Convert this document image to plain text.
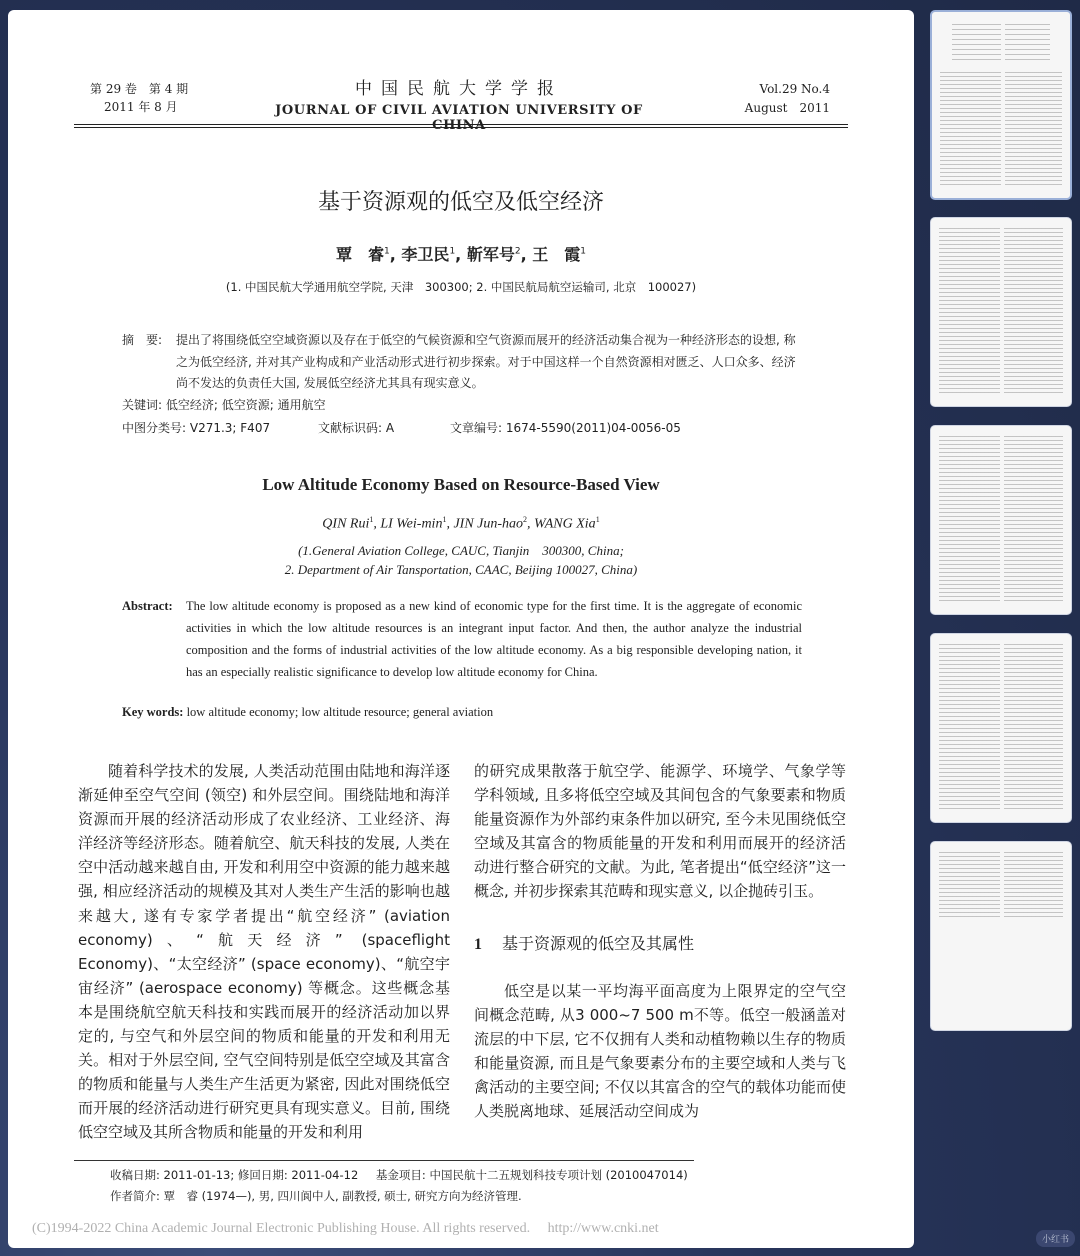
第 29 卷　第 4 期
2011 年 8 月
中国民航大学学报
JOURNAL OF CIVIL AVIATION UNIVERSITY OF CHINA
Vol.29 No.4
August　2011
基于资源观的低空及低空经济
覃　睿$^1$, 李卫民$^1$, 靳军号$^2$, 王　霞$^1$
(1. 中国民航大学通用航空学院, 天津　300300; 2. 中国民航局航空运输司, 北京　100027)
摘　要: 提出了将围绕低空空域资源以及存在于低空的气候资源和空气资源而展开的经济活动集合视为一种经济形态的设想, 称之为低空经济, 并对其产业构成和产业活动形式进行初步探索。对于中国这样一个自然资源相对匮乏、人口众多、经济尚不发达的负责任大国, 发展低空经济尤其具有现实意义。
关键词: 低空经济; 低空资源; 通用航空
中图分类号: V271.3; F407	文献标识码: A	文章编号: 1674-5590(2011)04-0056-05
Low Altitude Economy Based on Resource-Based View
QIN Rui$^1$, LI Wei-$\min^1$, JIN Jun-hao$^2$, WANG Xia$^1$
(1.General Aviation College, CAUC, Tianjin　300300, China;
2. Department of Air Tansportation, CAAC, Beijing 100027, China)
Abstract: The low altitude economy is proposed as a new kind of economic type for the first time. It is the aggregate of economic activities in which the low altitude resources is an integrant input factor. And then, the author analyze the industrial composition and the forms of industrial activities of the low altitude economy. As a big responsible developing nation, it has an especially realistic significance to develop low altitude economy for China.
Key words: low altitude economy; low altitude resource; general aviation

随着科学技术的发展, 人类活动范围由陆地和海洋逐渐延伸至空气空间 (领空) 和外层空间。围绕陆地和海洋资源而开展的经济活动形成了农业经济、工业经济、海洋经济等经济形态。随着航空、航天科技的发展, 人类在空中活动越来越自由, 开发和利用空中资源的能力越来越强, 相应经济活动的规模及其对人类生产生活的影响也越来越大, 遂有专家学者提出“航空经济” (aviation economy)、“航天经济” (spaceflight Economy)、“太空经济” (space economy)、“航空宇宙经济” (aerospace economy) 等概念。这些概念基本是围绕航空航天科技和实践而展开的经济活动加以界定的, 与空气和外层空间的物质和能量的开发和利用无关。相对于外层空间, 空气空间特别是低空空域及其富含的物质和能量与人类生产生活更为紧密, 因此对围绕低空而开展的经济活动进行研究更具有现实意义。目前, 围绕低空空域及其所含物质和能量的开发和利用

的研究成果散落于航空学、能源学、环境学、气象学等学科领域, 且多将低空空域及其间包含的气象要素和物质能量资源作为外部约束条件加以研究, 至今未见围绕低空空域及其富含的物质能量的开发和利用而展开的经济活动进行整合研究的文献。为此, 笔者提出“低空经济”这一概念, 并初步探索其范畴和现实意义, 以企抛砖引玉。

1 基于资源观的低空及其属性

低空是以某一平均海平面高度为上限界定的空气空间概念范畴, 从3 000~7 500 m不等。低空一般涵盖对流层的中下层, 它不仅拥有人类和动植物赖以生存的物质和能量资源, 而且是气象要素分布的主要空域和人类与飞禽活动的主要空间; 不仅以其富含的空气的载体功能而使人类脱离地球、延展活动空间成为

收稿日期: 2011-01-13; 修回日期: 2011-04-12 基金项目: 中国民航十二五规划科技专项计划 (2010047014)
作者简介: 覃　睿 (1974—), 男, 四川阆中人, 副教授, 硕士, 研究方向为经济管理.
(C)1994-2022 China Academic Journal Electronic Publishing House. All rights reserved.　 http://www.cnki.net
小红书
